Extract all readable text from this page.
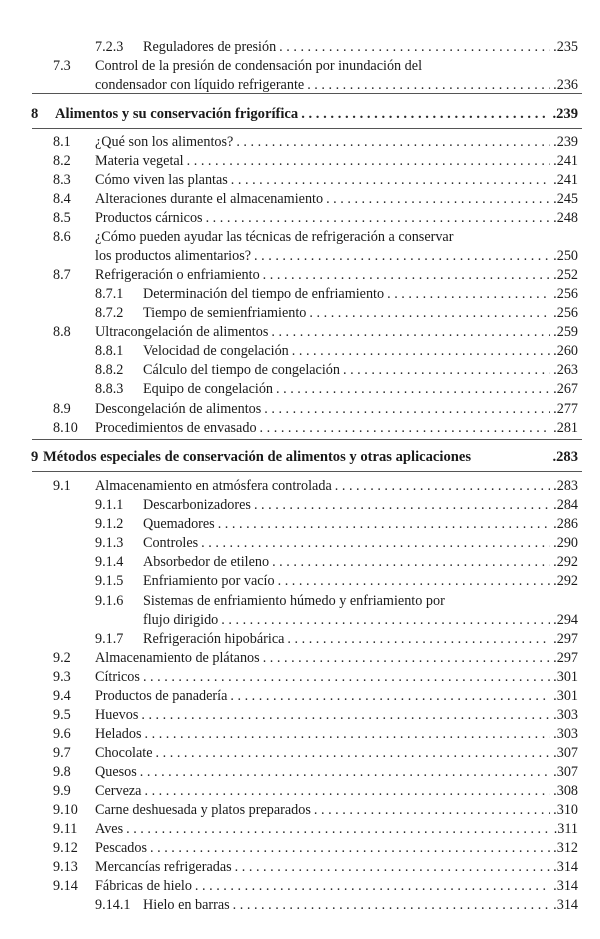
7.2.3 Reguladores de presión . . .	.235
7.3 Control de la presión de condensación por inundación del
condensador con líquido refrigerante . . .	.236
8 Alimentos y su conservación frigorífica . . .	.239
8.1 ¿Qué son los alimentos? . . .	.239
8.2 Materia vegetal . . .	.241
8.3 Cómo viven las plantas . . .	.241
8.4 Alteraciones durante el almacenamiento . . .	.245
8.5 Productos cárnicos . . .	.248
8.6 ¿Cómo pueden ayudar las técnicas de refrigeración a conservar
los productos alimentarios? . . .	.250
8.7 Refrigeración o enfriamiento . . .	.252
8.7.1 Determinación del tiempo de enfriamiento . . .	.256
8.7.2 Tiempo de semienfriamiento . . .	.256
8.8 Ultracongelación de alimentos . . .	.259
8.8.1 Velocidad de congelación . . .	.260
8.8.2 Cálculo del tiempo de congelación . . .	.263
8.8.3 Equipo de congelación . . .	.267
8.9 Descongelación de alimentos . . .	.277
8.10 Procedimientos de envasado . . .	.281
9 Métodos especiales de conservación de alimentos y otras aplicaciones	.283
9.1 Almacenamiento en atmósfera controlada . . .	.283
9.1.1 Descarbonizadores . . .	.284
9.1.2 Quemadores . . .	.286
9.1.3 Controles . . .	.290
9.1.4 Absorbedor de etileno . . .	.292
9.1.5 Enfriamiento por vacío . . .	.292
9.1.6 Sistemas de enfriamiento húmedo y enfriamiento por
flujo dirigido . . .	.294
9.1.7 Refrigeración hipobárica . . .	.297
9.2 Almacenamiento de plátanos . . .	.297
9.3 Cítricos . . .	.301
9.4 Productos de panadería . . .	.301
9.5 Huevos . . .	.303
9.6 Helados . . .	.303
9.7 Chocolate . . .	.307
9.8 Quesos . . .	.307
9.9 Cerveza . . .	.308
9.10 Carne deshuesada y platos preparados . . .	.310
9.11 Aves . . .	.311
9.12 Pescados . . .	.312
9.13 Mercancías refrigeradas . . .	.314
9.14 Fábricas de hielo . . .	.314
9.14.1 Hielo en barras . . .	.314
